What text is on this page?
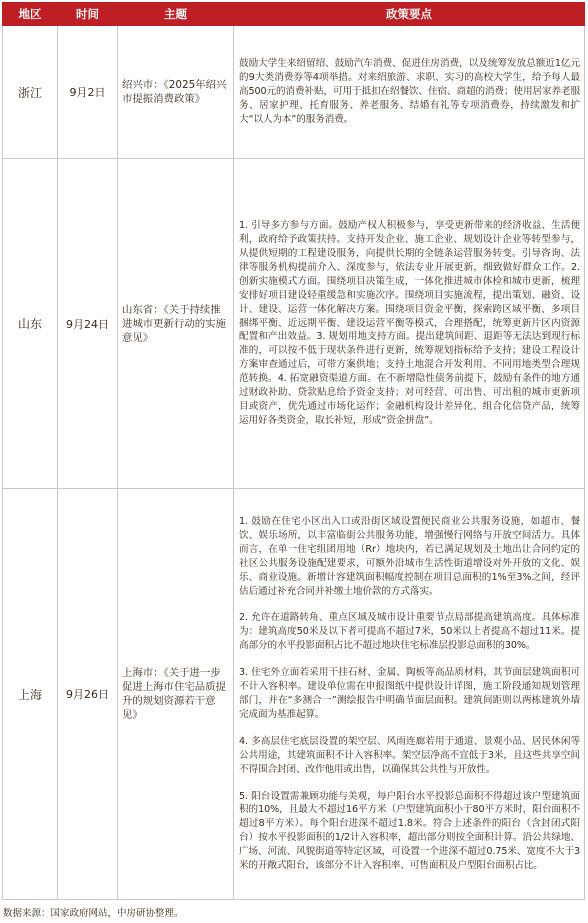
地区	时间	主题	政策要点
浙江	9月2日	绍兴市：《2025年绍兴市提振消费政策》	鼓励大学生来绍留绍、鼓励汽车消费、促进住房消费，以及统筹发放总额近1亿元的9大类消费券等4项举措。对来绍旅游、求职、实习的高校大学生，给予每人最高500元的消费补贴，可用于抵扣在绍餐饮、住宿、商超的消费；使用居家养老服务、居家护理、托育服务、养老服务、结婚有礼等专项消费券，持续激发和扩大“以人为本”的服务消费。

山东	9月24日	山东省：《关于持续推进城市更新行动的实施意见》	1. 引导多方参与方面。鼓励产权人积极参与，享受更新带来的经济收益、生活便利，政府给予政策扶持。支持开发企业、施工企业、规划设计企业等转型参与，从提供短期的工程建设服务，向提供长期的全链条运营服务转变。引导咨询、法律等服务机构提前介入、深度参与，依法专业开展更新，细致做好群众工作。2. 创新实施模式方面。围绕项目决策生成，一体化推进城市体检和城市更新，梳理安排好项目建设轻重缓急和实施次序。围绕项目实施流程，提出策划、融资、设计、建设、运营一体化解决方案。围绕项目资金平衡，探索跨区域平衡、多项目捆绑平衡、近远期平衡、建设运营平衡等模式，合理搭配，统筹更新片区内资源配置和产出效益。3. 规划用地支持方面。提出建筑间距、退距等无法达到现行标准的，可以按不低于现状条件进行更新，统筹规划指标给予支持；建设工程设计方案审查通过后，可带方案供地；支持土地混合开发利用、不同用地类型合理规范转换。4. 拓宽融资渠道方面。在不新增隐性债务前提下，鼓励有条件的地方通过财政补助、贷款贴息给予资金支持；对可经营、可出售、可出租的城市更新项目或资产，优先通过市场化运作；金融机构设计差异化、组合化信贷产品，统筹运用好各类资金，取长补短，形成“资金拼盘”。

上海	9月26日	上海市：《关于进一步促进上海市住宅品质提升的规划资源若干意见》	1. 鼓励在住宅小区出入口或沿街区域设置便民商业公共服务设施，如超市、餐饮、娱乐场所，以丰富临街公共服务功能，增强慢行网络与开放空间活力。具体而言，在单一住宅组团用地（Rr）地块内，若已满足规划及土地出让合同约定的社区公共服务设施配建要求，可额外沿城市生活性街道增设对外开放的文化、娱乐、商业设施。新增计容建筑面积幅度控制在项目总面积的1%至3%之间，经评估后通过补充合同并补缴土地价款的方式落实。
2. 允许在道路转角、重点区域及城市设计重要节点局部提高建筑高度。具体标准为：建筑高度50米及以下者可提高不超过7米，50米以上者提高不超过11米。提高部分的水平投影面积占比不超过地块住宅标准层投影总面积的30%。
3. 住宅外立面若采用干挂石材、金属、陶板等高品质材料，其节面层建筑面积可不计入容积率。建设单位需在申报图纸中提供设计详图，施工阶段通知规划管理部门，并在“多测合一”测绘报告中明确节面层面积。建筑间距则以两栋建筑外墙完成面为基准起算。
4. 多高层住宅底层设置的架空层、风雨连廊若用于通道、景观小品、居民休闲等公共用途，其建筑面积不计入容积率。架空层净高不宜低于3米，且这些共享空间不得围合封闭、改作他用或出售，以确保其公共性与开放性。
5. 阳台设置需兼顾功能与美观，每户阳台水平投影总面积不得超过该户型建筑面积的10%，且最大不超过16平方米（户型建筑面积小于80平方米时，阳台面积不超过8平方米）。每个阳台进深不超过1.8米。符合上述条件的阳台（含封闭式阳台）按水平投影面积的1/2计入容积率，超出部分则按全面积计算。沿公共绿地、广场、河流、风貌街道等特定区域，可设置一个进深不超过0.75米、宽度不大于3米的开敞式阳台，该部分不计入容积率、可售面积及户型阳台面积占比。
数据来源：国家政府网站，中房研协整理。
